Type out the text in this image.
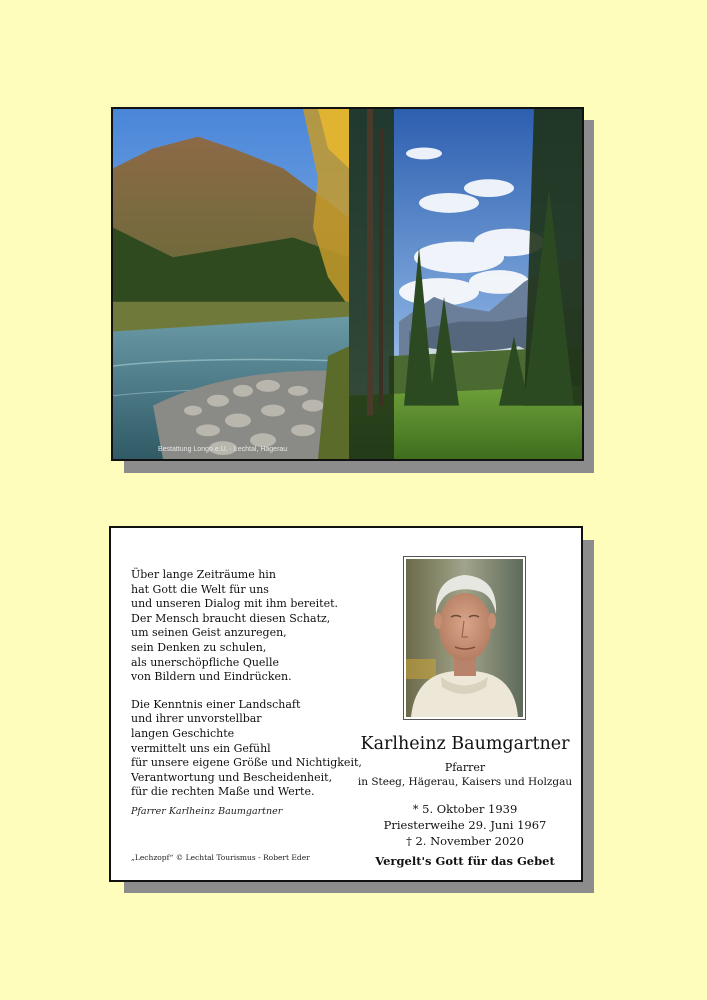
Bestattung Longo e.U. · Lechtal, Hägerau
Über lange Zeiträume hin
hat Gott die Welt für uns
und unseren Dialog mit ihm bereitet.
Der Mensch braucht diesen Schatz,
um seinen Geist anzuregen,
sein Denken zu schulen,
als unerschöpfliche Quelle
von Bildern und Eindrücken.
Die Kenntnis einer Landschaft
und ihrer unvorstellbar
langen Geschichte
vermittelt uns ein Gefühl
für unsere eigene Größe und Nichtigkeit,
Verantwortung und Bescheidenheit,
für die rechten Maße und Werte.
Pfarrer Karlheinz Baumgartner
„Lechzopf“ © Lechtal Tourismus - Robert Eder
Karlheinz Baumgartner
Pfarrer
in Steeg, Hägerau, Kaisers und Holzgau
* 5. Oktober 1939
Priesterweihe 29. Juni 1967
† 2. November 2020
Vergelt's Gott für das Gebet
